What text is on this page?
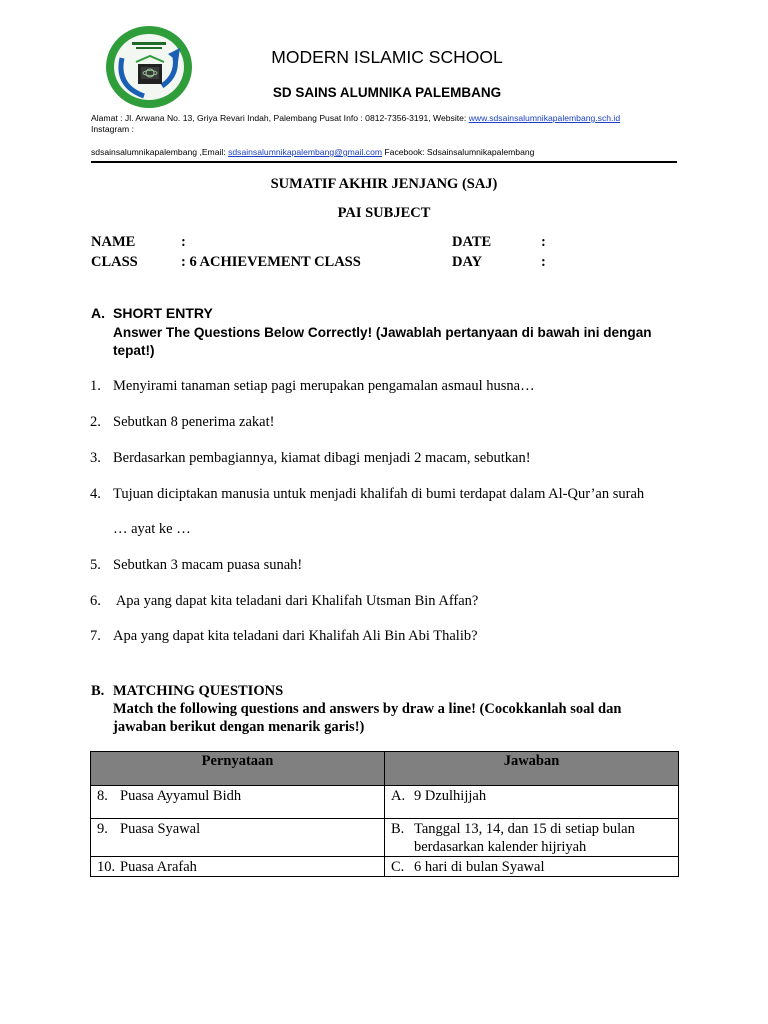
MODERN ISLAMIC SCHOOL
SD SAINS ALUMNIKA PALEMBANG
Alamat : Jl. Arwana No. 13, Griya Revari Indah, Palembang Pusat Info : 0812-7356-3191, Website: www.sdsainsalumnikapalembang.sch.id
Instagram :
sdsainsalumnikapalembang ,Email: sdsainsalumnikapalembang@gmail.com Facebook: Sdsainsalumnikapalembang
SUMATIF AKHIR JENJANG (SAJ)
PAI SUBJECT
NAME	:	DATE	:
CLASS	: 6 ACHIEVEMENT CLASS	DAY	:
A. SHORT ENTRY
Answer The Questions Below Correctly! (Jawablah pertanyaan di bawah ini dengan tepat!)
1. Menyirami tanaman setiap pagi merupakan pengamalan asmaul husna…
2. Sebutkan 8 penerima zakat!
3. Berdasarkan pembagiannya, kiamat dibagi menjadi 2 macam, sebutkan!
4. Tujuan diciptakan manusia untuk menjadi khalifah di bumi terdapat dalam Al-Qur’an surah
… ayat ke …
5. Sebutkan 3 macam puasa sunah!
6. Apa yang dapat kita teladani dari Khalifah Utsman Bin Affan?
7. Apa yang dapat kita teladani dari Khalifah Ali Bin Abi Thalib?
B. MATCHING QUESTIONS
Match the following questions and answers by draw a line! (Cocokkanlah soal dan jawaban berikut dengan menarik garis!)
Pernyataan	Jawaban

8. Puasa Ayyamul Bidh	A. 9 Dzulhijjah

9. Puasa Syawal	B. Tanggal 13, 14, dan 15 di setiap bulan berdasarkan kalender hijriyah

10. Puasa Arafah	C. 6 hari di bulan Syawal
